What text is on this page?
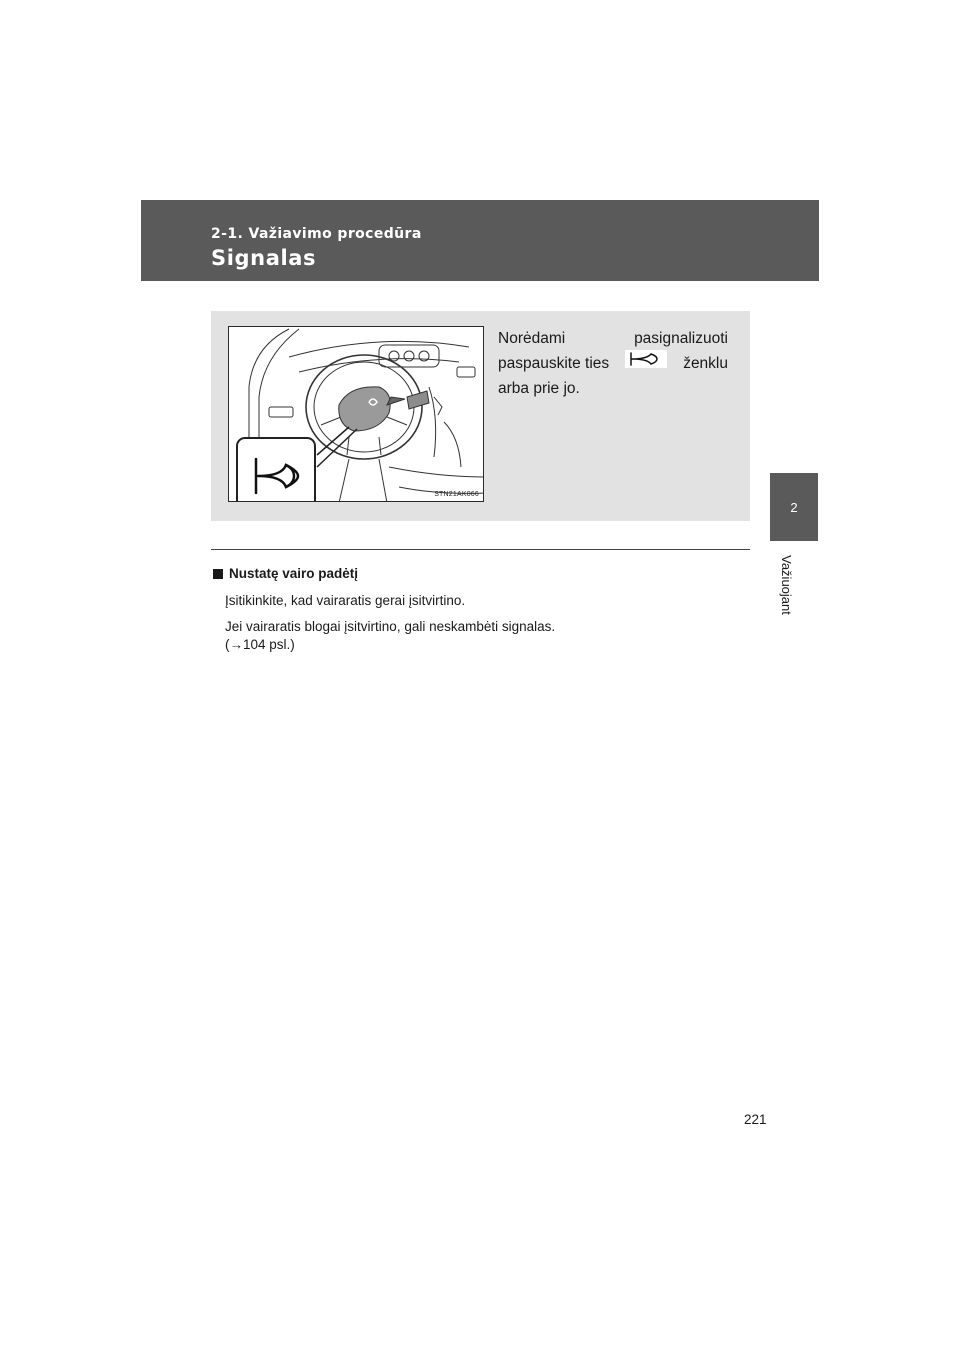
2-1. Važiavimo procedūra
Signalas
2
Važiuojant
STN21AK066
Norėdami	pasignalizuoti
paspauskite ties	ženklu
arba prie jo.
Nustatę vairo padėtį

Įsitikinkite, kad vairaratis gerai įsitvirtino.

Jei vairaratis blogai įsitvirtino, gali neskambėti signalas.

(→104 psl.)

221
